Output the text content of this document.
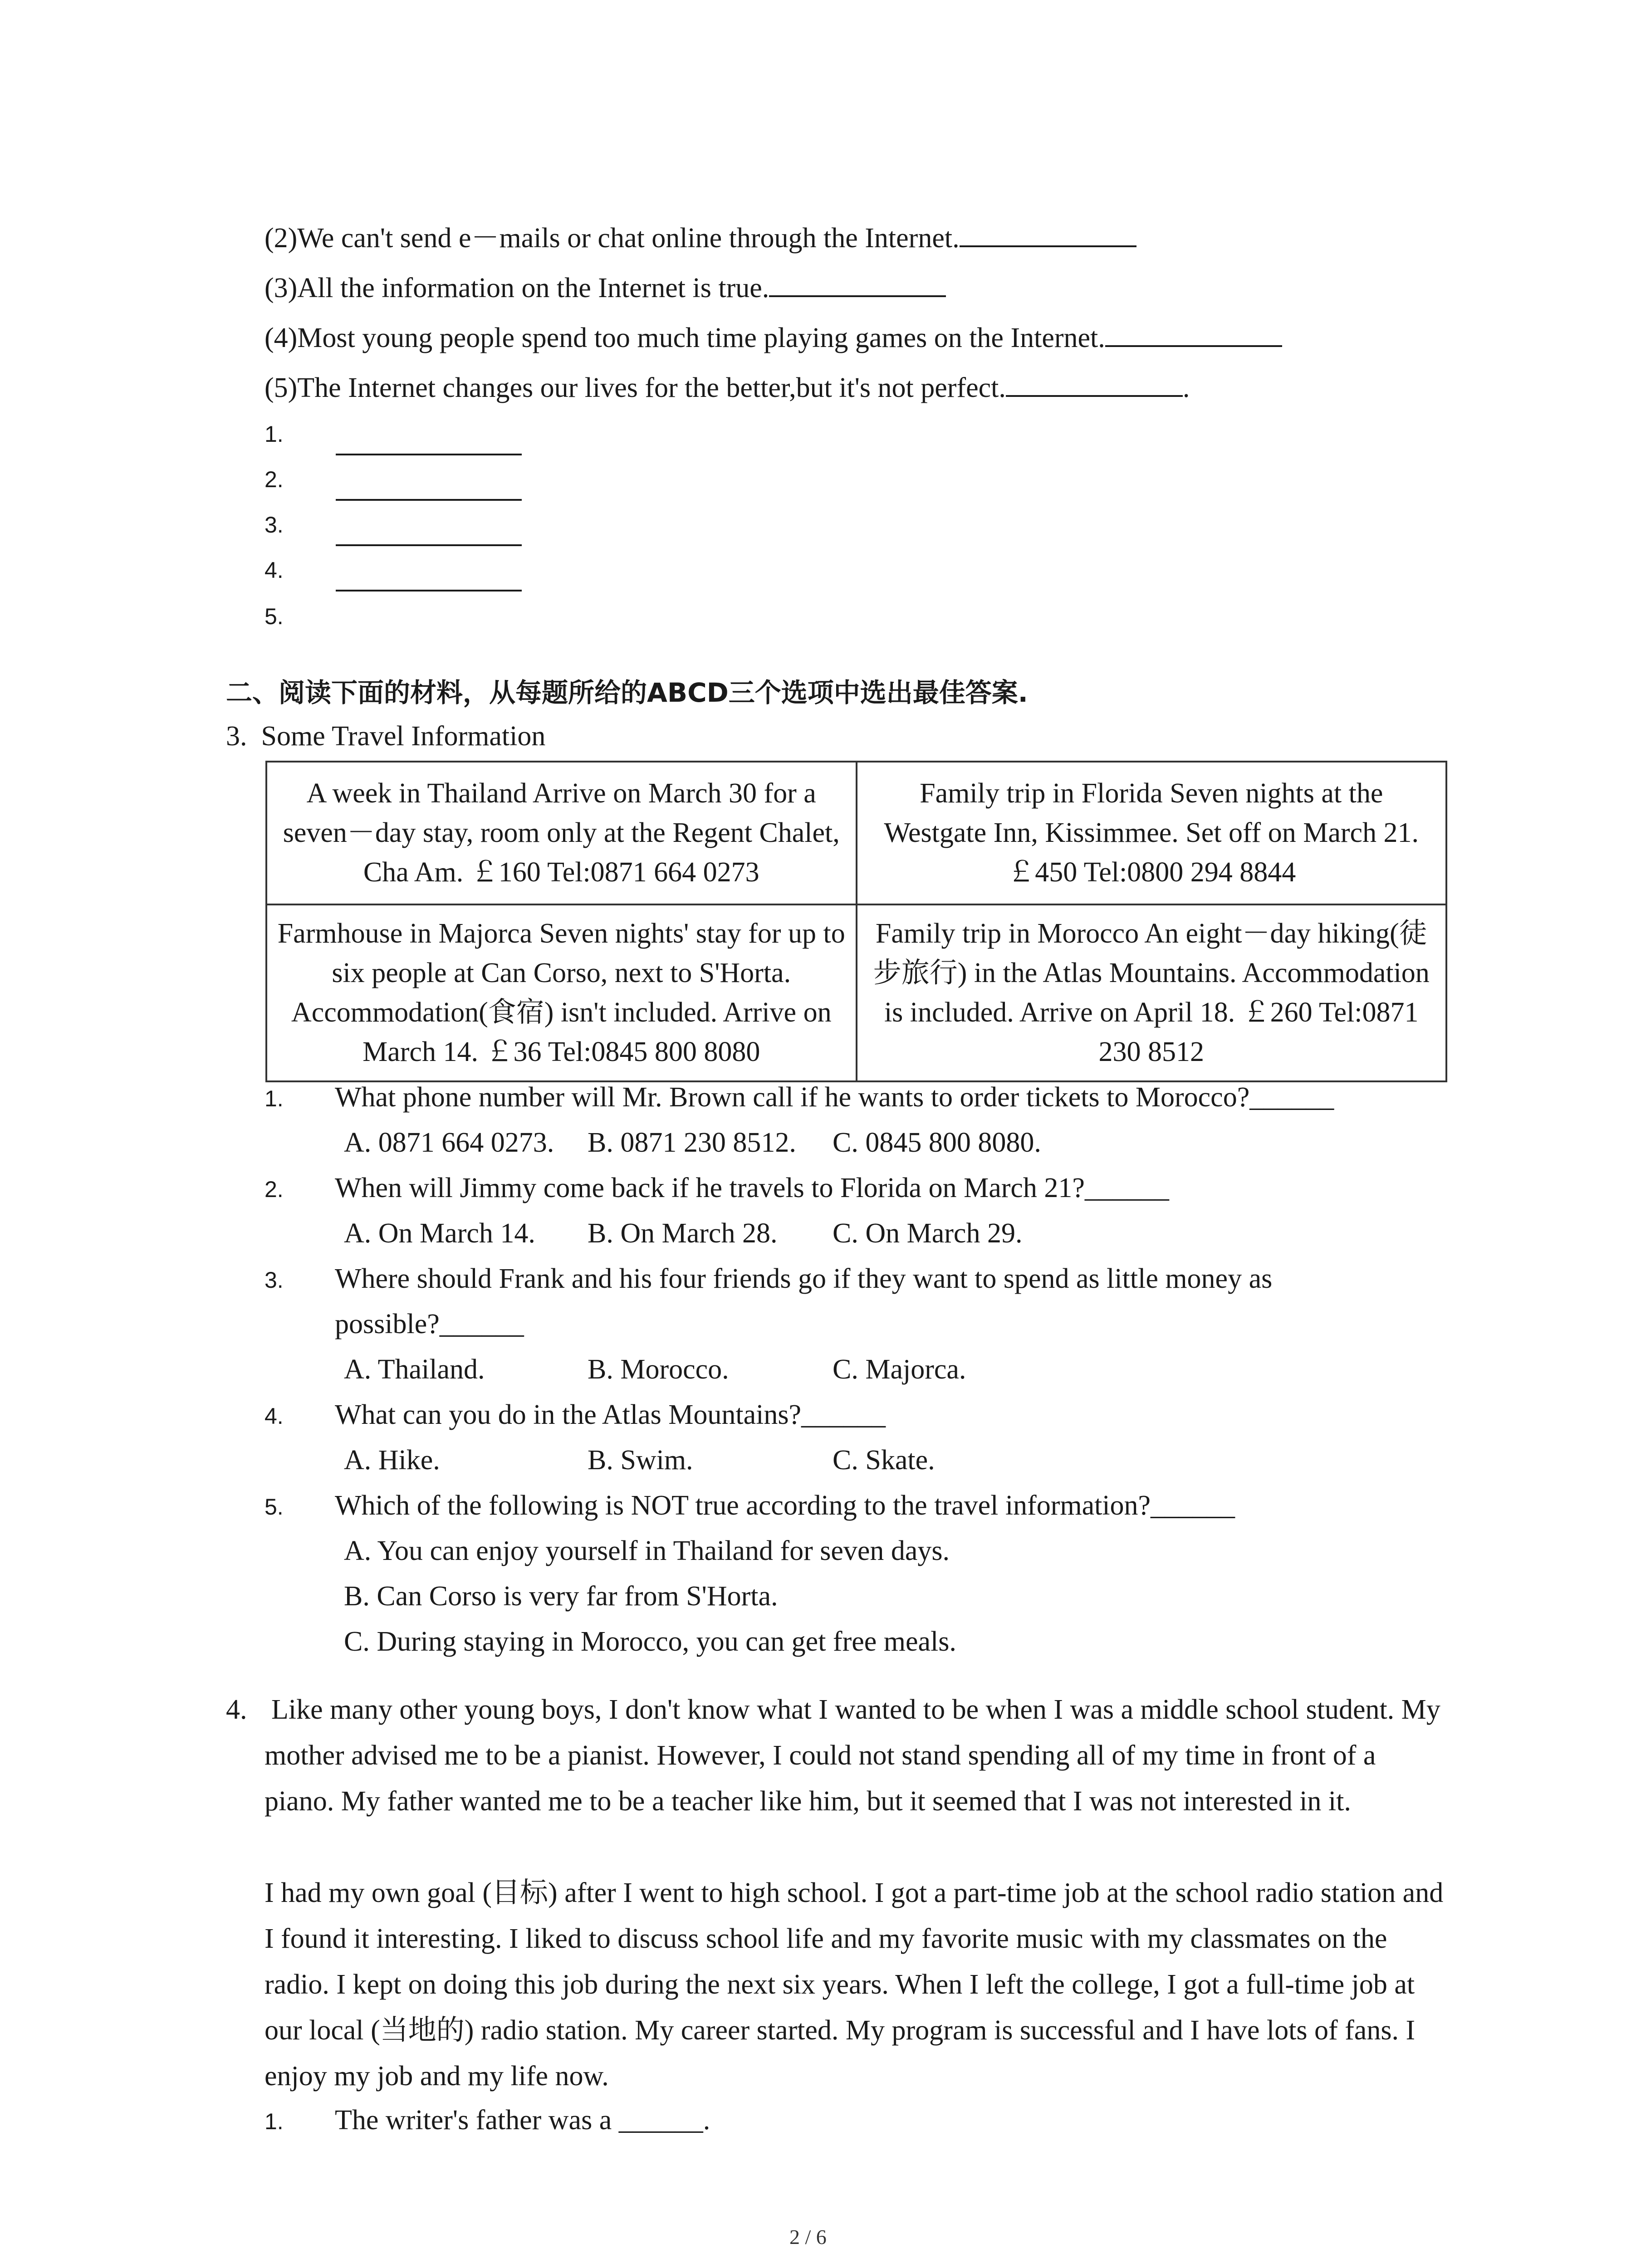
(2)We can't send e－mails or chat online through the Internet.
(3)All the information on the Internet is true.
(4)Most young people spend too much time playing games on the Internet.
(5)The Internet changes our lives for the better,but it's not perfect.	.
1.
2.
3.
4.
5.
二、阅读下面的材料，从每题所给的ABCD三个选项中选出最佳答案.
3. Some Travel Information
A week in Thailand Arrive on March 30 for a seven－day stay, room only at the Regent Chalet, Cha Am. ￡160 Tel:0871 664 0273	Family trip in Florida Seven nights at the Westgate Inn, Kissimmee. Set off on March 21. ￡450 Tel:0800 294 8844
Farmhouse in Majorca Seven nights' stay for up to six people at Can Corso, next to S'Horta. Accommodation(食宿) isn't included. Arrive on March 14. ￡36 Tel:0845 800 8080	Family trip in Morocco An eight－day hiking(徒步旅行) in the Atlas Mountains. Accommodation is included. Arrive on April 18. ￡260 Tel:0871 230 8512
1. What phone number will Mr. Brown call if he wants to order tickets to Morocco?______
A. 0871 664 0273. B. 0871 230 8512. C. 0845 800 8080.
2. When will Jimmy come back if he travels to Florida on March 21?______
A. On March 14. B. On March 28. C. On March 29.
3. Where should Frank and his four friends go if they want to spend as little money as
possible?______
A. Thailand.	B. Morocco.	C. Majorca.
4. What can you do in the Atlas Mountains?______
A. Hike.	B. Swim.	C. Skate.
5. Which of the following is NOT true according to the travel information?______
A. You can enjoy yourself in Thailand for seven days.
B. Can Corso is very far from S'Horta.
C. During staying in Morocco, you can get free meals.
4. Like many other young boys, I don't know what I wanted to be when I was a middle school student. My mother advised me to be a pianist. However, I could not stand spending all of my time in front of a piano. My father wanted me to be a teacher like him, but it seemed that I was not interested in it.
I had my own goal (目标) after I went to high school. I got a part-time job at the school radio station and I found it interesting. I liked to discuss school life and my favorite music with my classmates on the radio. I kept on doing this job during the next six years. When I left the college, I got a full-time job at our local (当地的) radio station. My career started. My program is successful and I have lots of fans. I enjoy my job and my life now.
1. The writer's father was a ______.
2 / 6
